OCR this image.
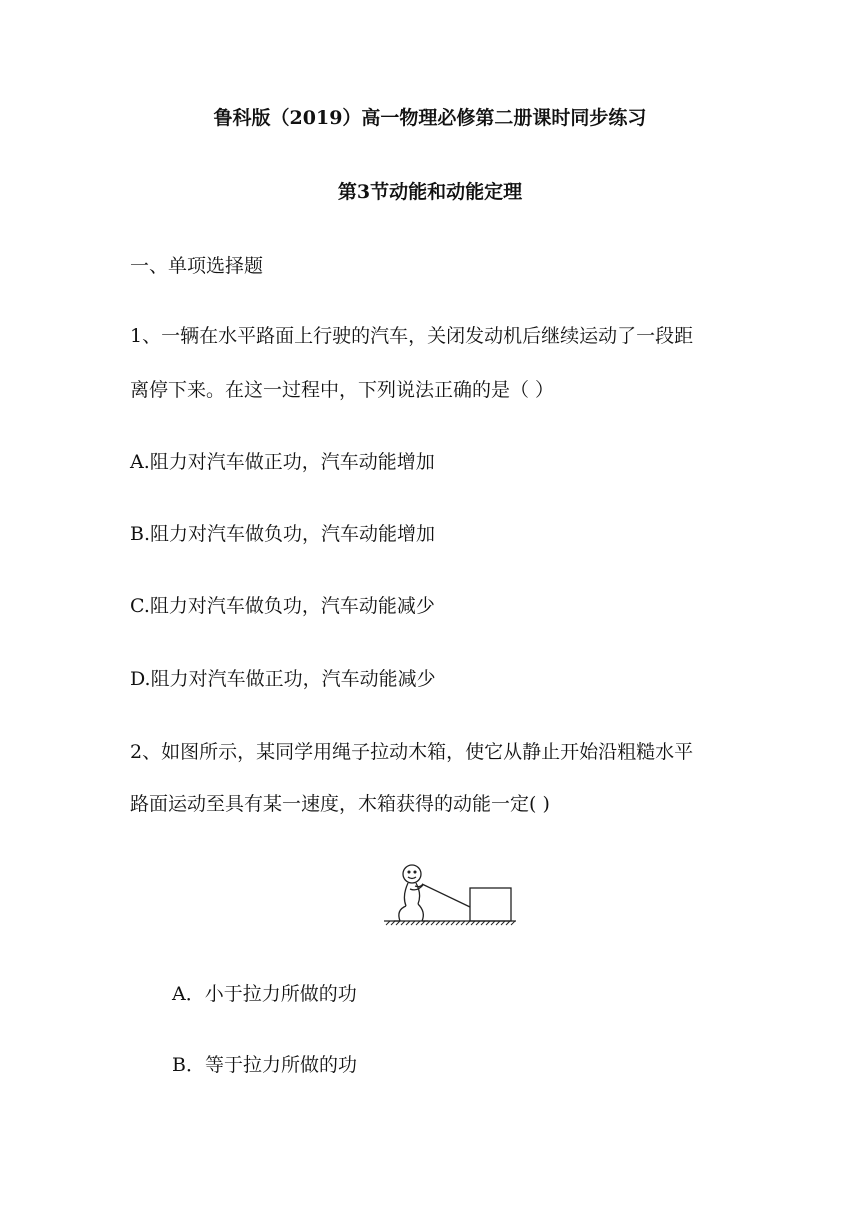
鲁科版（2019）高一物理必修第二册课时同步练习
第3节动能和动能定理
一、单项选择题
1、一辆在水平路面上行驶的汽车，关闭发动机后继续运动了一段距
离停下来。在这一过程中，下列说法正确的是（ ）
A.阻力对汽车做正功，汽车动能增加
B.阻力对汽车做负功，汽车动能增加
C.阻力对汽车做负功，汽车动能减少
D.阻力对汽车做正功，汽车动能减少
2、如图所示，某同学用绳子拉动木箱，使它从静止开始沿粗糙水平
路面运动至具有某一速度，木箱获得的动能一定( )
A．小于拉力所做的功
B．等于拉力所做的功
